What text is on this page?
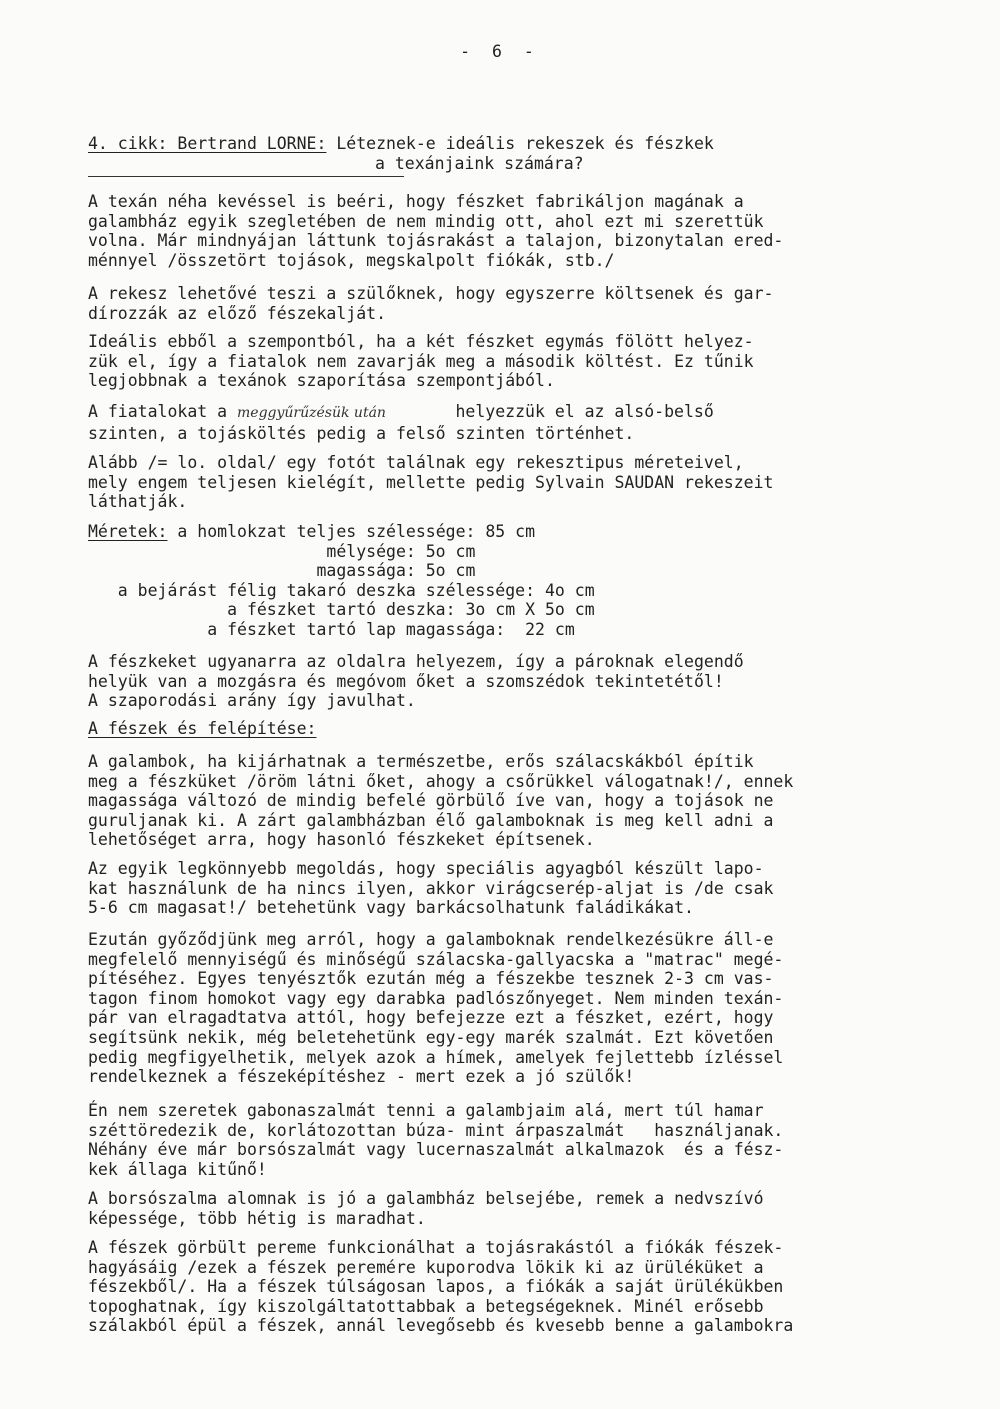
- 6 -
4. cikk: Bertrand LORNE: Léteznek-e ideális rekeszek és fészkek
a texánjaink számára?
A texán néha kevéssel is beéri, hogy fészket fabrikáljon magának a
galambház egyik szegletében de nem mindig ott, ahol ezt mi szerettük
volna. Már mindnyájan láttunk tojásrakást a talajon, bizonytalan ered-
ménnyel /összetört tojások, megskalpolt fiókák, stb./
A rekesz lehetővé teszi a szülőknek, hogy egyszerre költsenek és gar-
dírozzák az előző fészekalját.
Ideális ebből a szempontból, ha a két fészket egymás fölött helyez-
zük el, így a fiatalok nem zavarják meg a második költést. Ez tűnik
legjobbnak a texánok szaporítása szempontjából.
A fiatalokat a meggyűrűzésük után	helyezzük el az alsó-belső
szinten, a tojásköltés pedig a felső szinten történhet.
Alább /= lo. oldal/ egy fotót találnak egy rekesztipus méreteivel,
mely engem teljesen kielégít, mellette pedig Sylvain SAUDAN rekeszeit
láthatják.
Méretek: a homlokzat teljes szélessége: 85 cm
mélysége: 5o cm
magassága: 5o cm
a bejárást félig takaró deszka szélessége: 4o cm
a fészket tartó deszka: 3o cm X 5o cm
a fészket tartó lap magassága:  22 cm
A fészkeket ugyanarra az oldalra helyezem, így a pároknak elegendő
helyük van a mozgásra és megóvom őket a szomszédok tekintetétől!
A szaporodási arány így javulhat.
A fészek és felépítése:
A galambok, ha kijárhatnak a természetbe, erős szálacskákból építik
meg a fészküket /öröm látni őket, ahogy a csőrükkel válogatnak!/, ennek
magassága változó de mindig befelé görbülő íve van, hogy a tojások ne
guruljanak ki. A zárt galambházban élő galamboknak is meg kell adni a
lehetőséget arra, hogy hasonló fészkeket építsenek.
Az egyik legkönnyebb megoldás, hogy speciális agyagból készült lapo-
kat használunk de ha nincs ilyen, akkor virágcserép-aljat is /de csak
5-6 cm magasat!/ betehetünk vagy barkácsolhatunk faládikákat.
Ezután győződjünk meg arról, hogy a galamboknak rendelkezésükre áll-e
megfelelő mennyiségű és minőségű szálacska-gallyacska a "matrac" megé-
pítéséhez. Egyes tenyésztők ezután még a fészekbe tesznek 2-3 cm vas-
tagon finom homokot vagy egy darabka padlószőnyeget. Nem minden texán-
pár van elragadtatva attól, hogy befejezze ezt a fészket, ezért, hogy
segítsünk nekik, még beletehetünk egy-egy marék szalmát. Ezt követően
pedig megfigyelhetik, melyek azok a hímek, amelyek fejlettebb ízléssel
rendelkeznek a fészeképítéshez - mert ezek a jó szülők!
Én nem szeretek gabonaszalmát tenni a galambjaim alá, mert túl hamar
széttöredezik de, korlátozottan búza- mint árpaszalmát   használjanak.
Néhány éve már borsószalmát vagy lucernaszalmát alkalmazok  és a fész-
kek állaga kitűnő!
A borsószalma alomnak is jó a galambház belsejébe, remek a nedvszívó
képessége, több hétig is maradhat.
A fészek görbült pereme funkcionálhat a tojásrakástól a fiókák fészek-
hagyásáig /ezek a fészek peremére kuporodva lökik ki az ürüléküket a
fészekből/. Ha a fészek túlságosan lapos, a fiókák a saját ürülékükben
topoghatnak, így kiszolgáltatottabbak a betegségeknek. Minél erősebb
szálakból épül a fészek, annál levegősebb és kvesebb benne a galambokra
